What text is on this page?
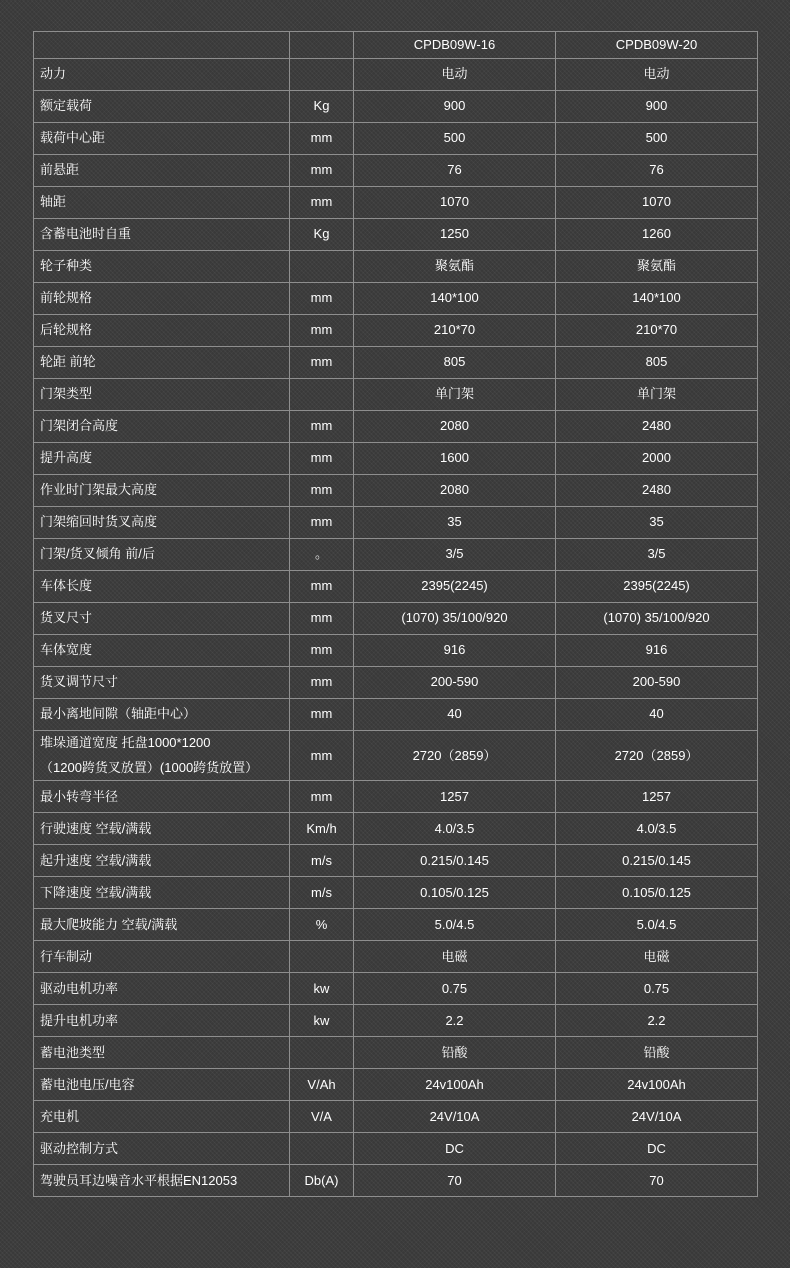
		CPDB09W-16	CPDB09W-20
动力		电动	电动
额定载荷	Kg	900	900
载荷中心距	mm	500	500
前悬距	mm	76	76
轴距	mm	1070	1070
含蓄电池时自重	Kg	1250	1260
轮子种类		聚氨酯	聚氨酯
前轮规格	mm	140*100	140*100
后轮规格	mm	210*70	210*70
轮距 前轮	mm	805	805
门架类型		单门架	单门架
门架闭合高度	mm	2080	2480
提升高度	mm	1600	2000
作业时门架最大高度	mm	2080	2480
门架缩回时货叉高度	mm	35	35
门架/货叉倾角 前/后	。	3/5	3/5
车体长度	mm	2395(2245)	2395(2245)
货叉尺寸	mm	(1070) 35/100/920	(1070) 35/100/920
车体宽度	mm	916	916
货叉调节尺寸	mm	200-590	200-590
最小离地间隙（轴距中心）	mm	40	40

堆垛通道宽度 托盘1000*1200
（1200跨货叉放置）(1000跨货放置）	mm	2720（2859）	2720（2859）
最小转弯半径	mm	1257	1257
行驶速度 空载/满载	Km/h	4.0/3.5	4.0/3.5
起升速度 空载/满载	m/s	0.215/0.145	0.215/0.145
下降速度 空载/满载	m/s	0.105/0.125	0.105/0.125
最大爬坡能力 空载/满载	%	5.0/4.5	5.0/4.5
行车制动		电磁	电磁
驱动电机功率	kw	0.75	0.75
提升电机功率	kw	2.2	2.2
蓄电池类型		铅酸	铅酸
蓄电池电压/电容	V/Ah	24v100Ah	24v100Ah
充电机	V/A	24V/10A	24V/10A
驱动控制方式		DC	DC
驾驶员耳边噪音水平根据EN12053	Db(A)	70	70
